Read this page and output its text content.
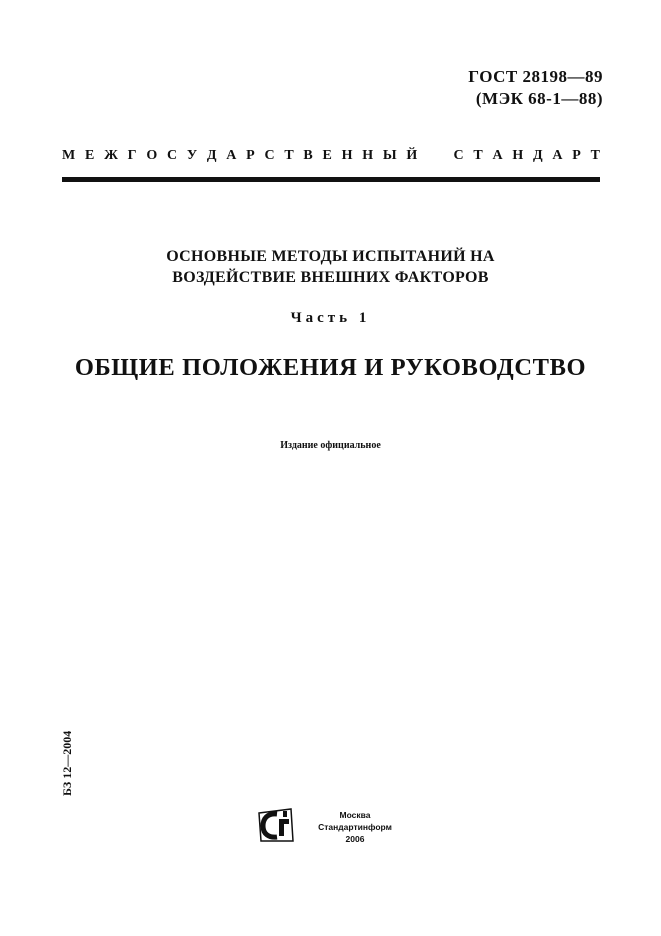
ГОСТ 28198—89
(МЭК 68-1—88)
М Е Ж Г О С У Д А Р С Т В Е Н Н Ы Й

	С Т А Н Д А Р Т
ОСНОВНЫЕ МЕТОДЫ ИСПЫТАНИЙ НА
ВОЗДЕЙСТВИЕ ВНЕШНИХ ФАКТОРОВ
Часть 1
ОБЩИЕ ПОЛОЖЕНИЯ И РУКОВОДСТВО
Издание официальное
БЗ 12—2004
Москва
Стандартинформ
2006
